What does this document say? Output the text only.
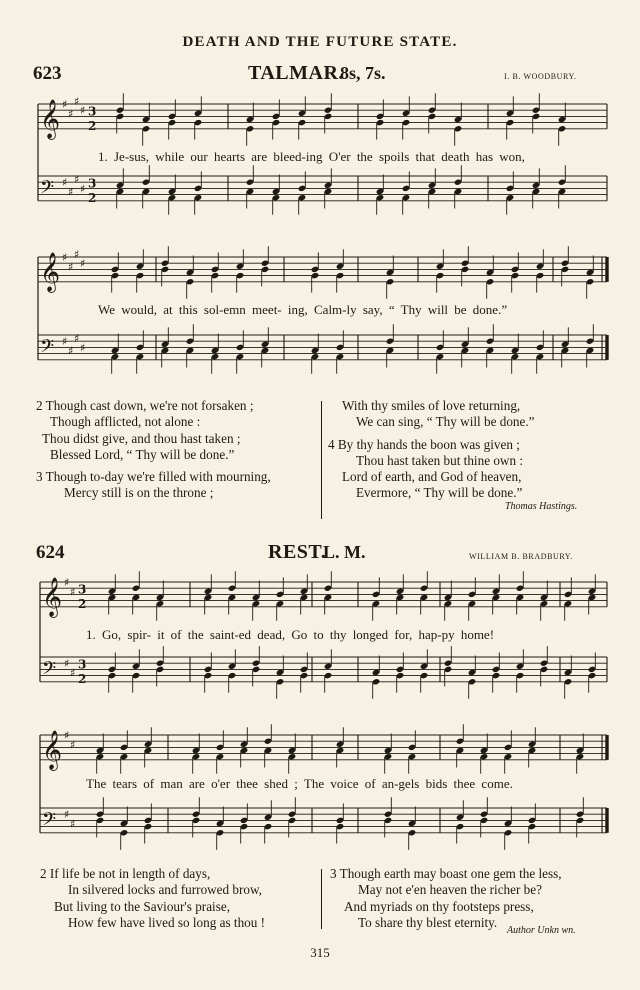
DEATH AND THE FUTURE STATE.
623	TALMAR.
8s, 7s.	I. B. WOODBURY.
𝄞 ♯
♯
♯
♯ 3
2
𝄢 ♯
♯
♯
♯ 3
2
𝄞 ♯
♯
♯
♯
𝄢 ♯
♯
♯
♯
1. Je-sus, while our hearts are bleed-ing O'er the spoils that death has won,
We would, at this sol-emn meet- ing, Calm-ly say, “ Thy will be done.”
2 Though cast down, we're not forsaken ;
Though afflicted, not alone :
Thou didst give, and thou hast taken ;
Blessed Lord, “ Thy will be done.”
3 Though to-day we're filled with mourning,
Mercy still is on the throne ;
With thy smiles of love returning,
We can sing, “ Thy will be done.”
4 By thy hands the boon was given ;
Thou hast taken but thine own :
Lord of earth, and God of heaven,
Evermore, “ Thy will be done.”
Thomas Hastings.
624	REST.
L. M.	WILLIAM B. BRADBURY.
𝄞 ♯
♯ 3
2
𝄢 ♯
♯
3
2
𝄞 ♯
♯
𝄢 ♯
♯
1. Go, spir- it of the saint-ed dead, Go to thy longed for, hap-py home!
The tears of man are o'er thee shed ; The voice of an-gels bids thee come.
2 If life be not in length of days,
In silvered locks and furrowed brow,
But living to the Saviour's praise,
How few have lived so long as thou !
3 Though earth may boast one gem the less,
May not e'en heaven the richer be?
And myriads on thy footsteps press,
To share thy blest eternity.
Author Unkn wn.
315
